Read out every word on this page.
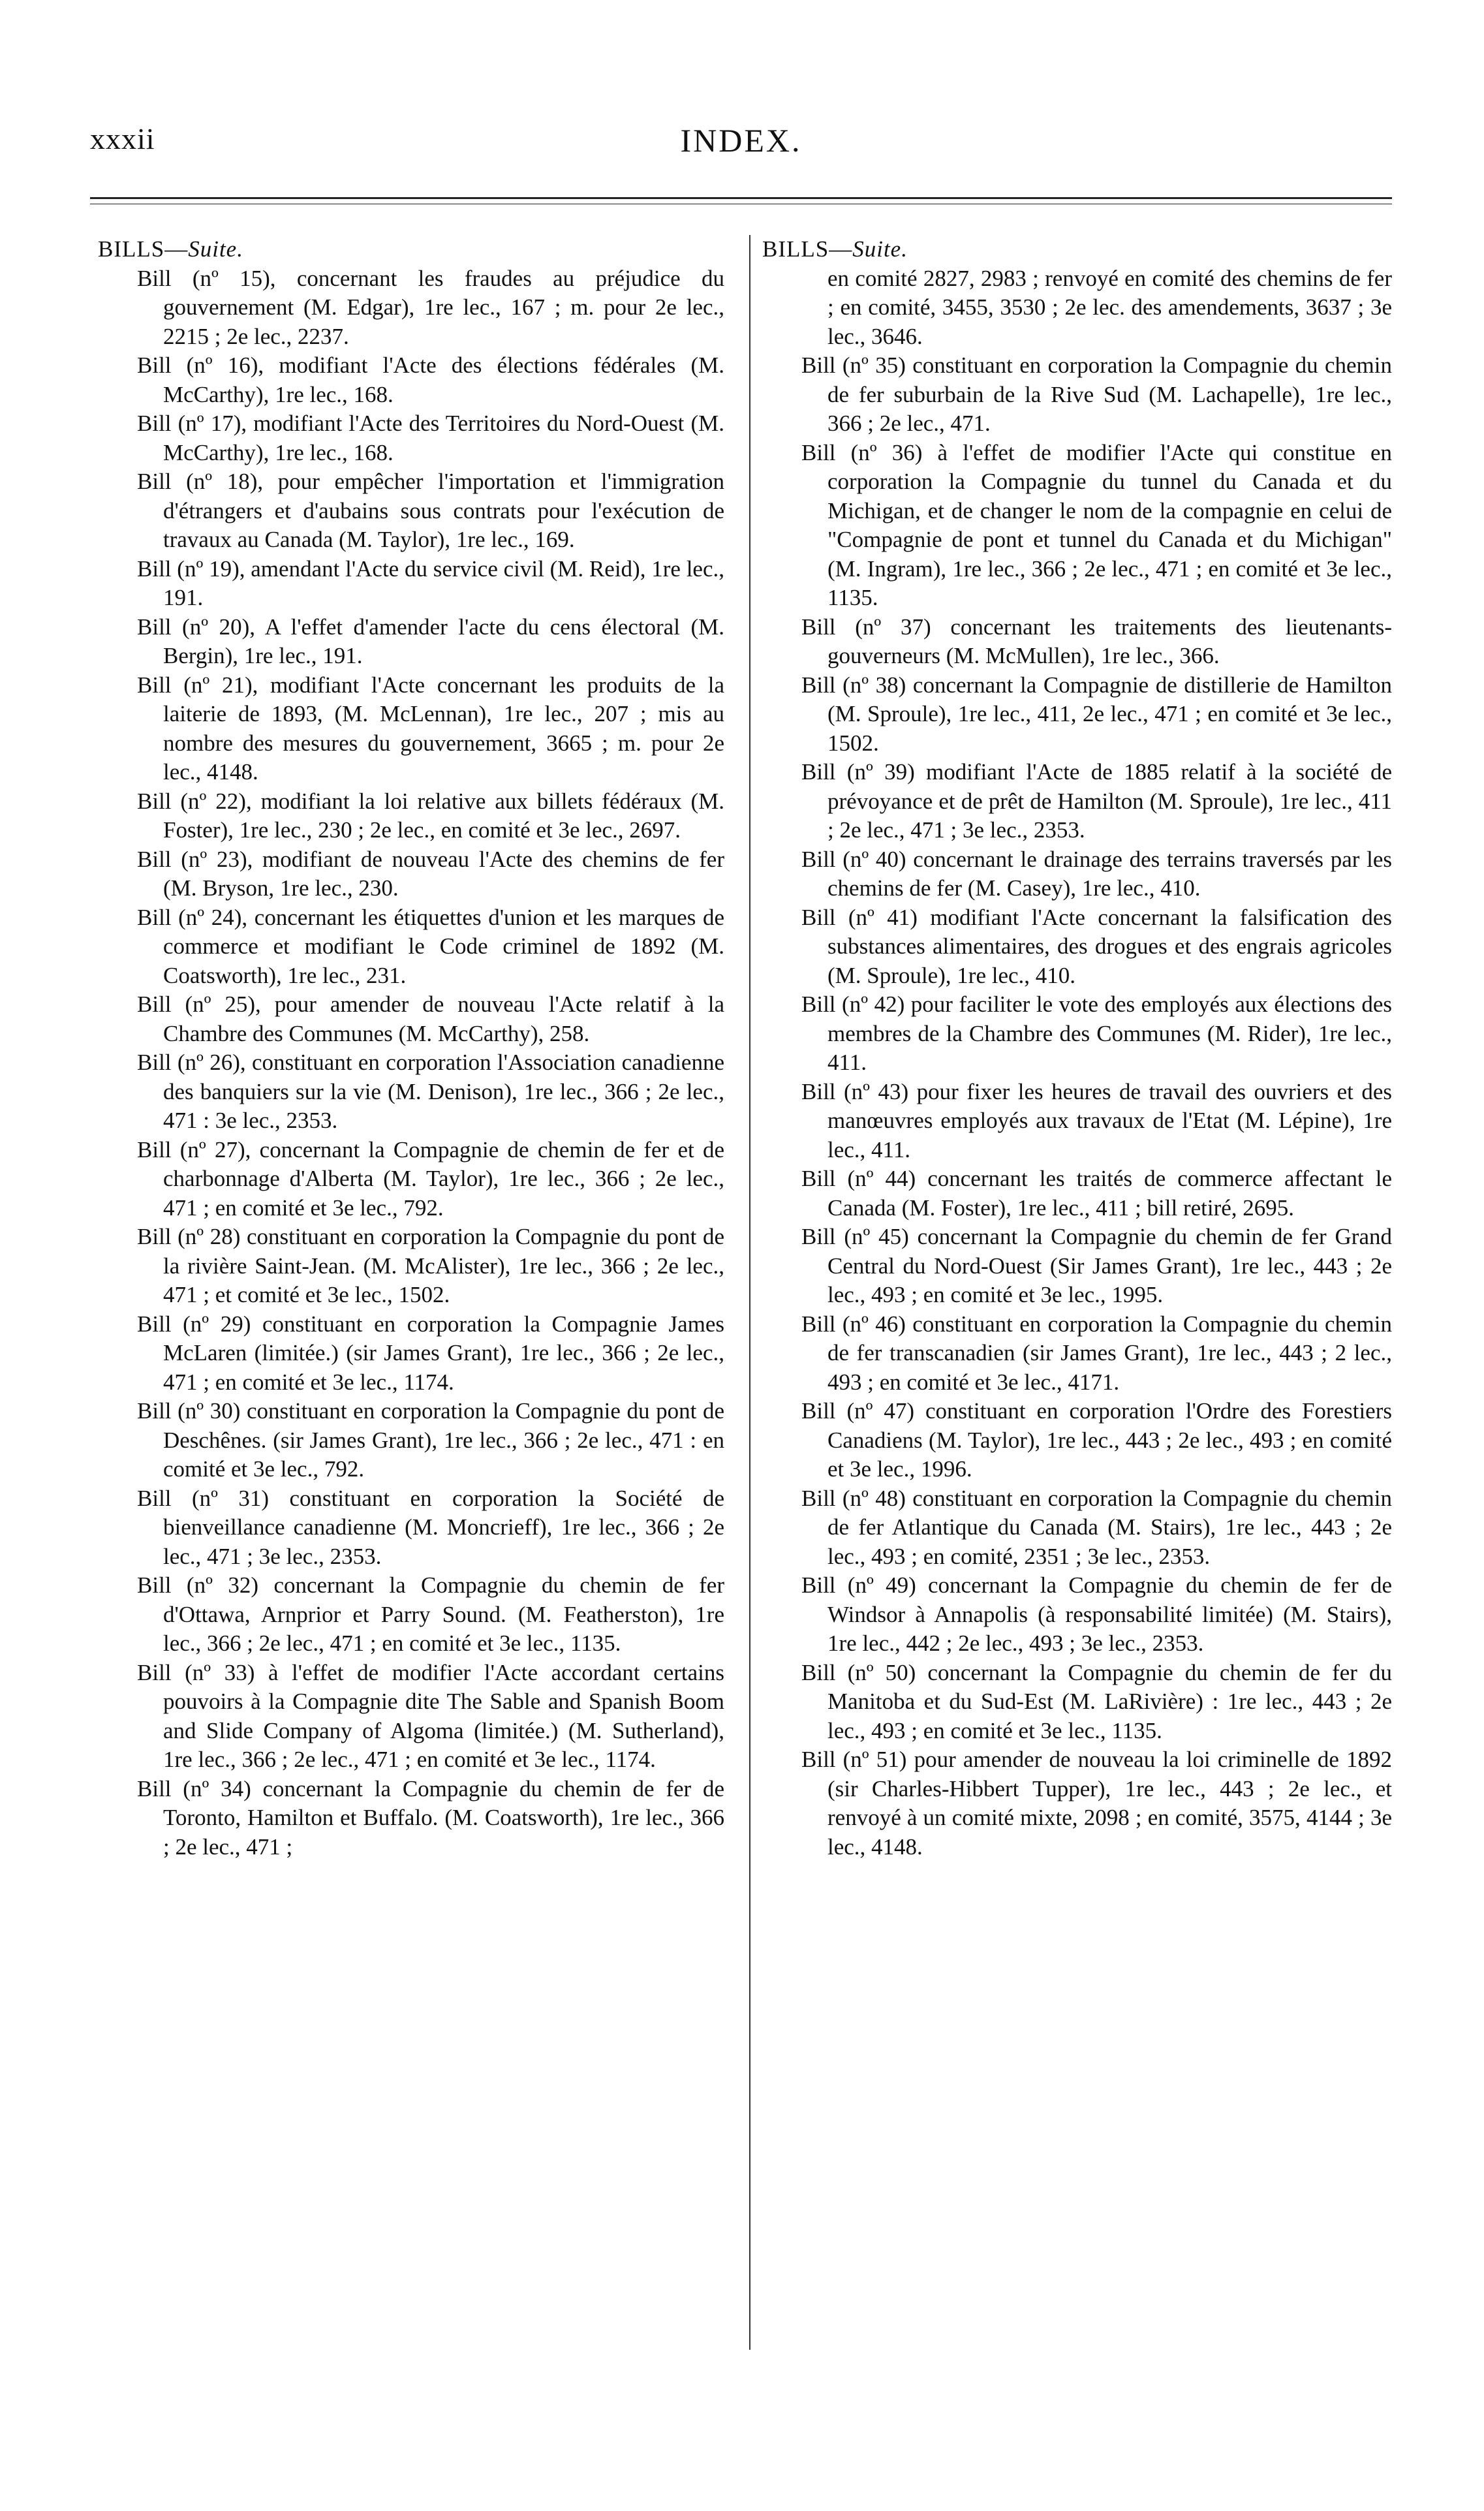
xxxii	INDEX.
BILLS—Suite.

Bill (nº 15), concernant les fraudes au préjudice du gouvernement (M. Edgar), 1re lec., 167 ; m. pour 2e lec., 2215 ; 2e lec., 2237.

Bill (nº 16), modifiant l'Acte des élections fédérales (M. McCarthy), 1re lec., 168.

Bill (nº 17), modifiant l'Acte des Territoires du Nord-Ouest (M. McCarthy), 1re lec., 168.

Bill (nº 18), pour empêcher l'importation et l'immigration d'étrangers et d'aubains sous contrats pour l'exécution de travaux au Canada (M. Taylor), 1re lec., 169.

Bill (nº 19), amendant l'Acte du service civil (M. Reid), 1re lec., 191.

Bill (nº 20), A l'effet d'amender l'acte du cens électoral (M. Bergin), 1re lec., 191.

Bill (nº 21), modifiant l'Acte concernant les produits de la laiterie de 1893, (M. McLennan), 1re lec., 207 ; mis au nombre des mesures du gouvernement, 3665 ; m. pour 2e lec., 4148.

Bill (nº 22), modifiant la loi relative aux billets fédéraux (M. Foster), 1re lec., 230 ; 2e lec., en comité et 3e lec., 2697.

Bill (nº 23), modifiant de nouveau l'Acte des chemins de fer (M. Bryson, 1re lec., 230.

Bill (nº 24), concernant les étiquettes d'union et les marques de commerce et modifiant le Code criminel de 1892 (M. Coatsworth), 1re lec., 231.

Bill (nº 25), pour amender de nouveau l'Acte relatif à la Chambre des Communes (M. McCarthy), 258.

Bill (nº 26), constituant en corporation l'Association canadienne des banquiers sur la vie (M. Denison), 1re lec., 366 ; 2e lec., 471 : 3e lec., 2353.

Bill (nº 27), concernant la Compagnie de chemin de fer et de charbonnage d'Alberta (M. Taylor), 1re lec., 366 ; 2e lec., 471 ; en comité et 3e lec., 792.

Bill (nº 28) constituant en corporation la Compagnie du pont de la rivière Saint-Jean. (M. McAlister), 1re lec., 366 ; 2e lec., 471 ; et comité et 3e lec., 1502.

Bill (nº 29) constituant en corporation la Compagnie James McLaren (limitée.) (sir James Grant), 1re lec., 366 ; 2e lec., 471 ; en comité et 3e lec., 1174.

Bill (nº 30) constituant en corporation la Compagnie du pont de Deschênes. (sir James Grant), 1re lec., 366 ; 2e lec., 471 : en comité et 3e lec., 792.

Bill (nº 31) constituant en corporation la Société de bienveillance canadienne (M. Moncrieff), 1re lec., 366 ; 2e lec., 471 ; 3e lec., 2353.

Bill (nº 32) concernant la Compagnie du chemin de fer d'Ottawa, Arnprior et Parry Sound. (M. Featherston), 1re lec., 366 ; 2e lec., 471 ; en comité et 3e lec., 1135.

Bill (nº 33) à l'effet de modifier l'Acte accordant certains pouvoirs à la Compagnie dite The Sable and Spanish Boom and Slide Company of Algoma (limitée.) (M. Sutherland), 1re lec., 366 ; 2e lec., 471 ; en comité et 3e lec., 1174.

Bill (nº 34) concernant la Compagnie du chemin de fer de Toronto, Hamilton et Buffalo. (M. Coatsworth), 1re lec., 366 ; 2e lec., 471 ;

BILLS—Suite.

en comité 2827, 2983 ; renvoyé en comité des chemins de fer ; en comité, 3455, 3530 ; 2e lec. des amendements, 3637 ; 3e lec., 3646.

Bill (nº 35) constituant en corporation la Compagnie du chemin de fer suburbain de la Rive Sud (M. Lachapelle), 1re lec., 366 ; 2e lec., 471.

Bill (nº 36) à l'effet de modifier l'Acte qui constitue en corporation la Compagnie du tunnel du Canada et du Michigan, et de changer le nom de la compagnie en celui de "Compagnie de pont et tunnel du Canada et du Michigan" (M. Ingram), 1re lec., 366 ; 2e lec., 471 ; en comité et 3e lec., 1135.

Bill (nº 37) concernant les traitements des lieutenants-gouverneurs (M. McMullen), 1re lec., 366.

Bill (nº 38) concernant la Compagnie de distillerie de Hamilton (M. Sproule), 1re lec., 411, 2e lec., 471 ; en comité et 3e lec., 1502.

Bill (nº 39) modifiant l'Acte de 1885 relatif à la société de prévoyance et de prêt de Hamilton (M. Sproule), 1re lec., 411 ; 2e lec., 471 ; 3e lec., 2353.

Bill (nº 40) concernant le drainage des terrains traversés par les chemins de fer (M. Casey), 1re lec., 410.

Bill (nº 41) modifiant l'Acte concernant la falsification des substances alimentaires, des drogues et des engrais agricoles (M. Sproule), 1re lec., 410.

Bill (nº 42) pour faciliter le vote des employés aux élections des membres de la Chambre des Communes (M. Rider), 1re lec., 411.

Bill (nº 43) pour fixer les heures de travail des ouvriers et des manœuvres employés aux travaux de l'Etat (M. Lépine), 1re lec., 411.

Bill (nº 44) concernant les traités de commerce affectant le Canada (M. Foster), 1re lec., 411 ; bill retiré, 2695.

Bill (nº 45) concernant la Compagnie du chemin de fer Grand Central du Nord-Ouest (Sir James Grant), 1re lec., 443 ; 2e lec., 493 ; en comité et 3e lec., 1995.

Bill (nº 46) constituant en corporation la Compagnie du chemin de fer transcanadien (sir James Grant), 1re lec., 443 ; 2 lec., 493 ; en comité et 3e lec., 4171.

Bill (nº 47) constituant en corporation l'Ordre des Forestiers Canadiens (M. Taylor), 1re lec., 443 ; 2e lec., 493 ; en comité et 3e lec., 1996.

Bill (nº 48) constituant en corporation la Compagnie du chemin de fer Atlantique du Canada (M. Stairs), 1re lec., 443 ; 2e lec., 493 ; en comité, 2351 ; 3e lec., 2353.

Bill (nº 49) concernant la Compagnie du chemin de fer de Windsor à Annapolis (à responsabilité limitée) (M. Stairs), 1re lec., 442 ; 2e lec., 493 ; 3e lec., 2353.

Bill (nº 50) concernant la Compagnie du chemin de fer du Manitoba et du Sud-Est (M. LaRivière) : 1re lec., 443 ; 2e lec., 493 ; en comité et 3e lec., 1135.

Bill (nº 51) pour amender de nouveau la loi criminelle de 1892 (sir Charles-Hibbert Tupper), 1re lec., 443 ; 2e lec., et renvoyé à un comité mixte, 2098 ; en comité, 3575, 4144 ; 3e lec., 4148.
